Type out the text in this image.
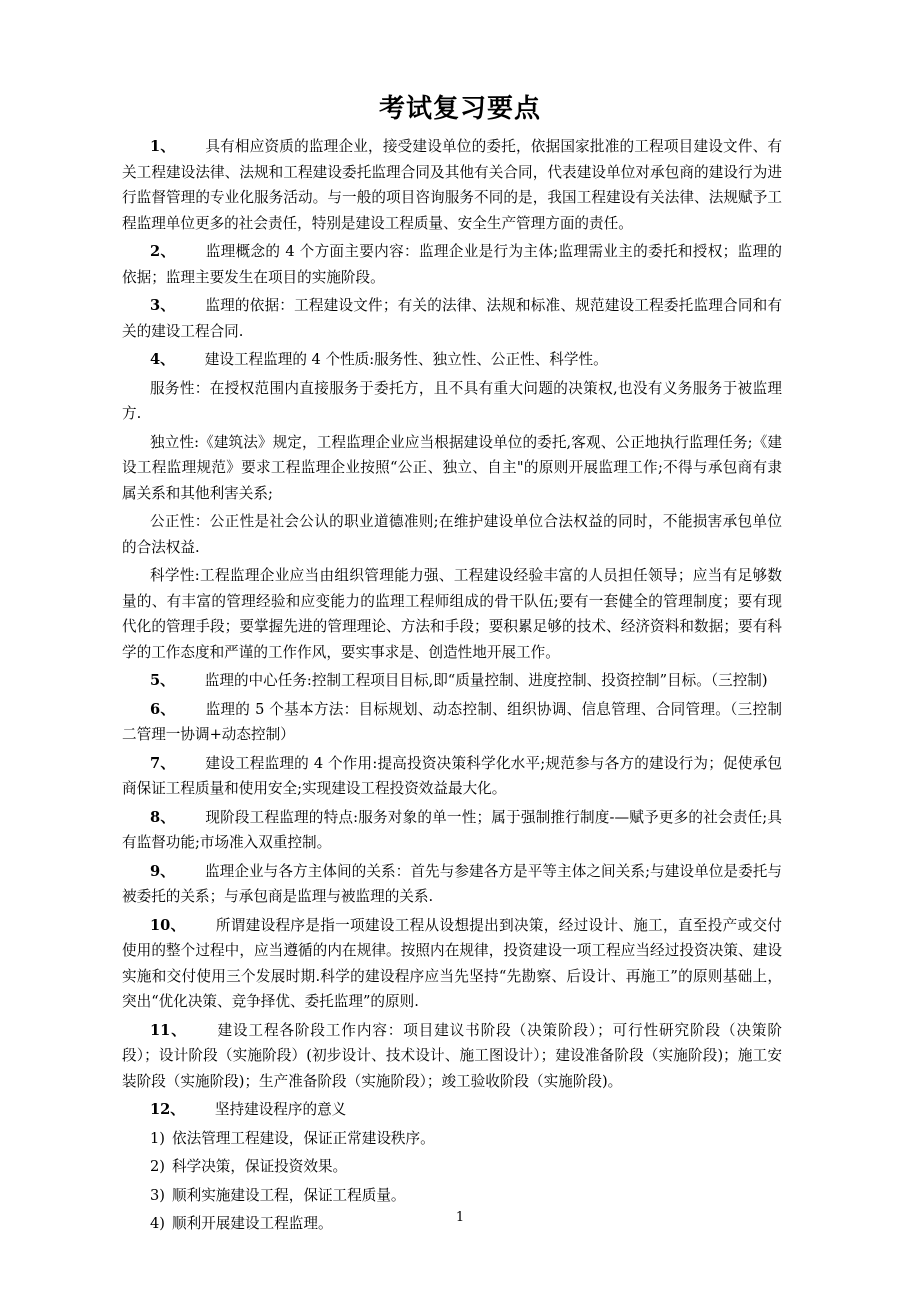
考试复习要点

1、 具有相应资质的监理企业，接受建设单位的委托，依据国家批准的工程项目建设文件、有关工程建设法律、法规和工程建设委托监理合同及其他有关合同，代表建设单位对承包商的建设行为进行监督管理的专业化服务活动。与一般的项目咨询服务不同的是，我国工程建设有关法律、法规赋予工程监理单位更多的社会责任，特别是建设工程质量、安全生产管理方面的责任。

2、 监理概念的 4 个方面主要内容：监理企业是行为主体;监理需业主的委托和授权；监理的依据；监理主要发生在项目的实施阶段。

3、 监理的依据：工程建设文件；有关的法律、法规和标准、规范建设工程委托监理合同和有关的建设工程合同.

4、 建设工程监理的 4 个性质:服务性、独立性、公正性、科学性。

服务性：在授权范围内直接服务于委托方，且不具有重大问题的决策权,也没有义务服务于被监理方.

独立性:《建筑法》规定，工程监理企业应当根据建设单位的委托,客观、公正地执行监理任务;《建设工程监理规范》要求工程监理企业按照“公正、独立、自主"的原则开展监理工作;不得与承包商有隶属关系和其他利害关系;

公正性：公正性是社会公认的职业道德准则;在维护建设单位合法权益的同时，不能损害承包单位的合法权益.

科学性:工程监理企业应当由组织管理能力强、工程建设经验丰富的人员担任领导；应当有足够数量的、有丰富的管理经验和应变能力的监理工程师组成的骨干队伍;要有一套健全的管理制度；要有现代化的管理手段；要掌握先进的管理理论、方法和手段；要积累足够的技术、经济资料和数据；要有科学的工作态度和严谨的工作作风，要实事求是、创造性地开展工作。

5、 监理的中心任务:控制工程项目目标,即“质量控制、进度控制、投资控制”目标。（三控制)

6、 监理的 5 个基本方法：目标规划、动态控制、组织协调、信息管理、合同管理。（三控制二管理一协调+动态控制）

7、 建设工程监理的 4 个作用:提高投资决策科学化水平;规范参与各方的建设行为；促使承包商保证工程质量和使用安全;实现建设工程投资效益最大化。

8、 现阶段工程监理的特点:服务对象的单一性；属于强制推行制度-—赋予更多的社会责任;具有监督功能;市场准入双重控制。

9、 监理企业与各方主体间的关系：首先与参建各方是平等主体之间关系;与建设单位是委托与被委托的关系；与承包商是监理与被监理的关系.

10、 所谓建设程序是指一项建设工程从设想提出到决策，经过设计、施工，直至投产或交付使用的整个过程中，应当遵循的内在规律。按照内在规律，投资建设一项工程应当经过投资决策、建设实施和交付使用三个发展时期.科学的建设程序应当先坚持“先勘察、后设计、再施工”的原则基础上，突出“优化决策、竞争择优、委托监理”的原则.

11、 建设工程各阶段工作内容：项目建议书阶段（决策阶段）；可行性研究阶段（决策阶段）；设计阶段（实施阶段）(初步设计、技术设计、施工图设计）；建设准备阶段（实施阶段)；施工安装阶段（实施阶段)；生产准备阶段（实施阶段）；竣工验收阶段（实施阶段)。

12、 坚持建设程序的意义

1) 依法管理工程建设，保证正常建设秩序。
2) 科学决策，保证投资效果。
3) 顺利实施建设工程，保证工程质量。
4) 顺利开展建设工程监理。	1
